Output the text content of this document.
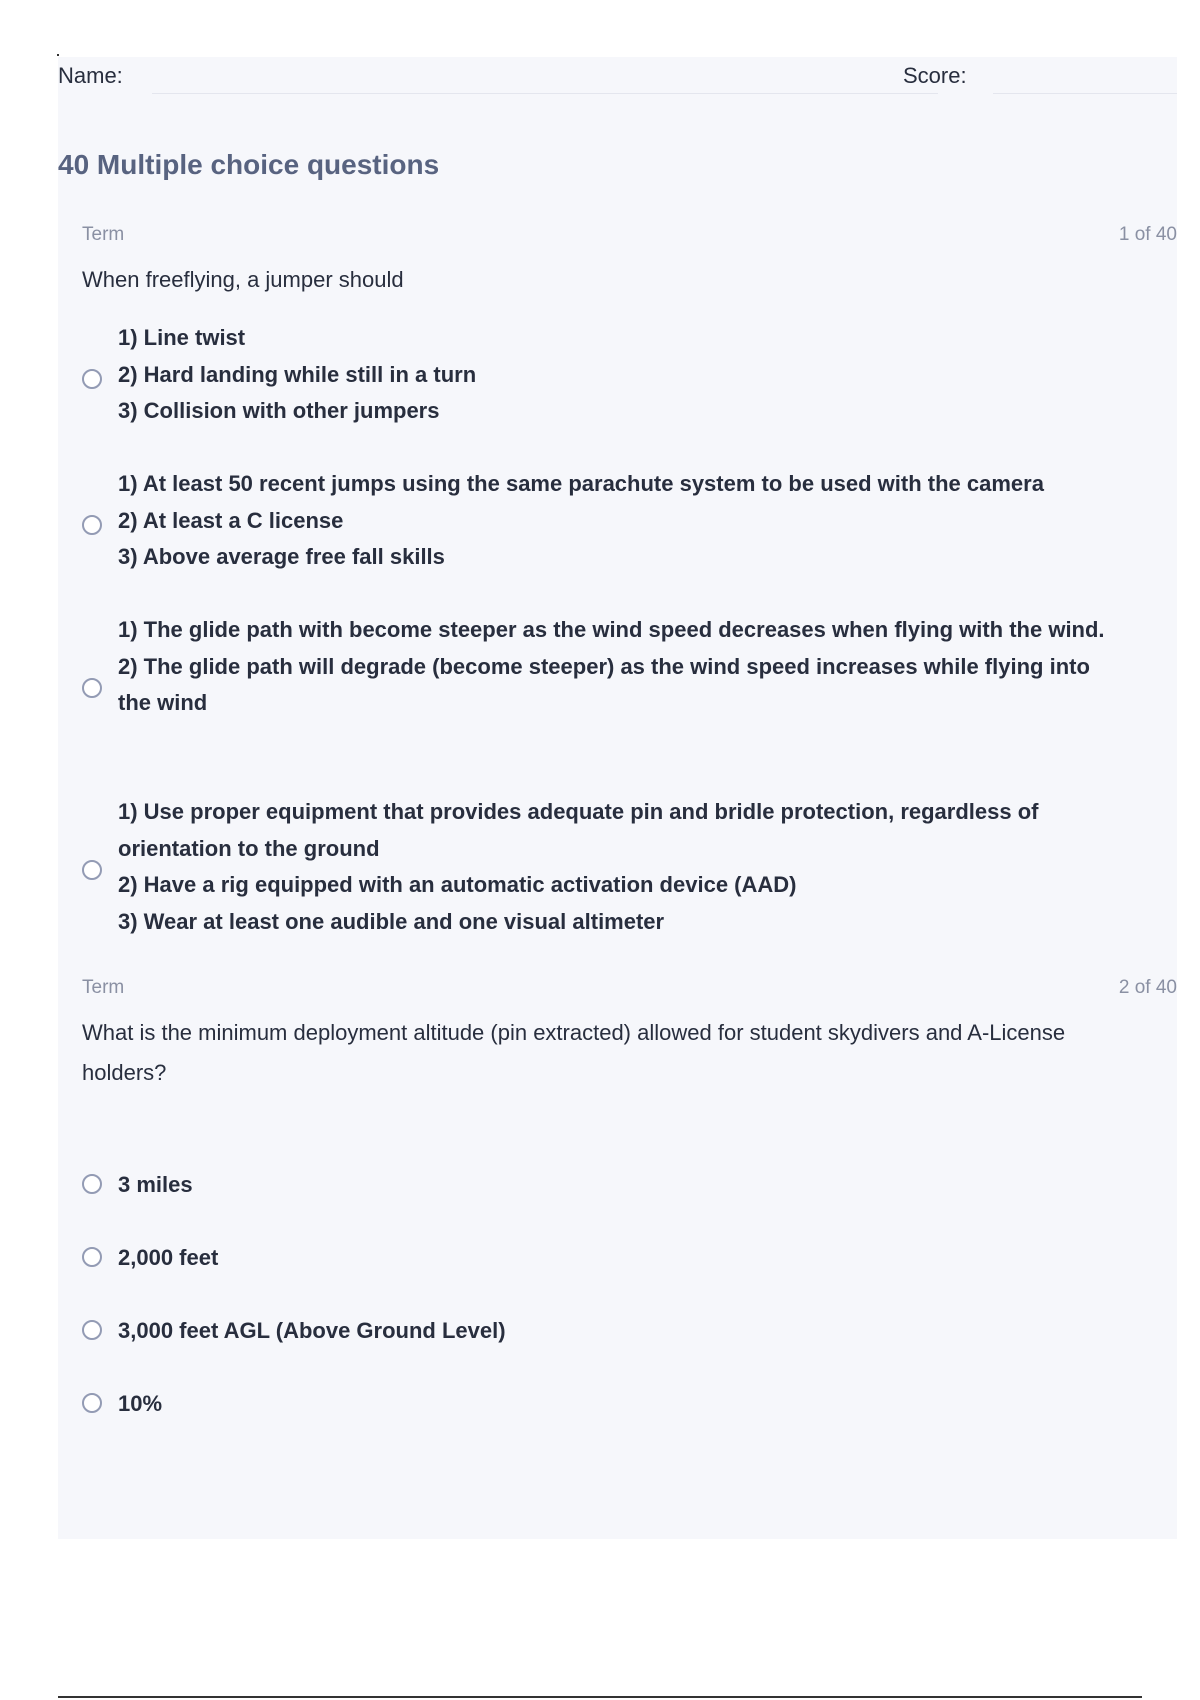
Name:	Score:
40 Multiple choice questions
Term	1 of 40
When freeflying, a jumper should
1) Line twist
2) Hard landing while still in a turn
3) Collision with other jumpers
1) At least 50 recent jumps using the same parachute system to be used with the camera
2) At least a C license
3) Above average free fall skills
1) The glide path with become steeper as the wind speed decreases when flying with the wind.
2) The glide path will degrade (become steeper) as the wind speed increases while flying into the wind
1) Use proper equipment that provides adequate pin and bridle protection, regardless of orientation to the ground
2) Have a rig equipped with an automatic activation device (AAD)
3) Wear at least one audible and one visual altimeter
Term	2 of 40
What is the minimum deployment altitude (pin extracted) allowed for student skydivers and A-License holders?
3 miles
2,000 feet
3,000 feet AGL (Above Ground Level)
10%
